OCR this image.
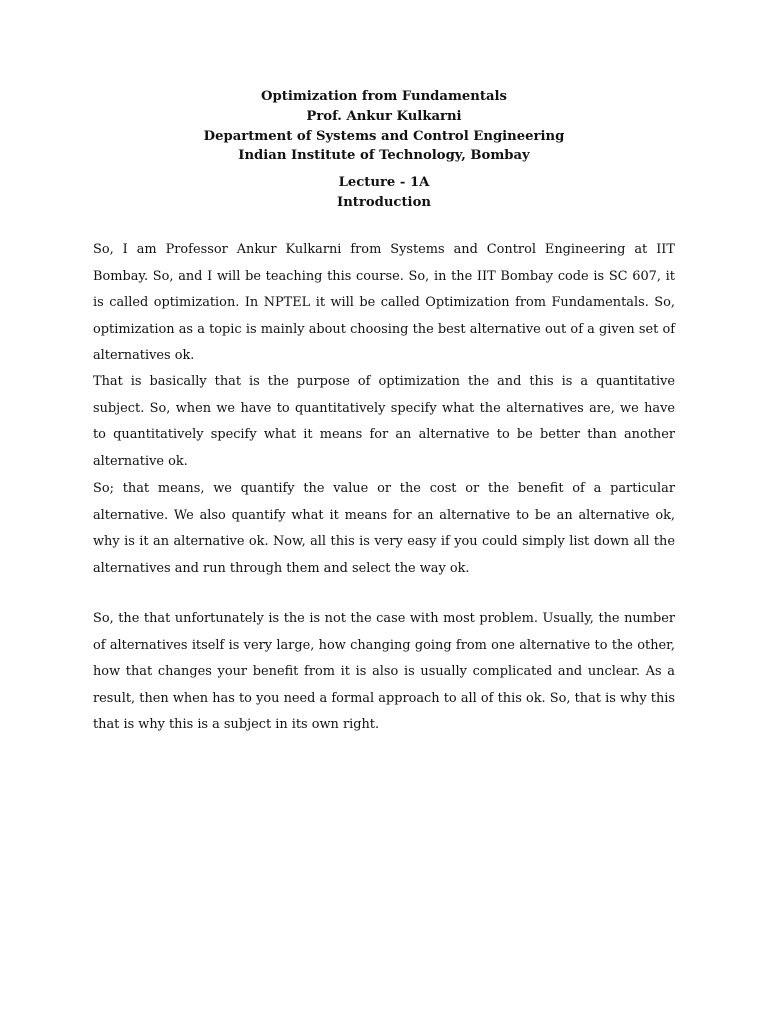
Optimization from Fundamentals
Prof. Ankur Kulkarni
Department of Systems and Control Engineering
Indian Institute of Technology, Bombay
Lecture - 1A
Introduction

So, I am Professor Ankur Kulkarni from Systems and Control Engineering at IIT Bombay. So, and I will be teaching this course. So, in the IIT Bombay code is SC 607, it is called optimization. In NPTEL it will be called Optimization from Fundamentals. So, optimization as a topic is mainly about choosing the best alternative out of a given set of alternatives ok.

That is basically that is the purpose of optimization the and this is a quantitative subject. So, when we have to quantitatively specify what the alternatives are, we have to quantitatively specify what it means for an alternative to be better than another alternative ok.

So; that means, we quantify the value or the cost or the benefit of a particular alternative. We also quantify what it means for an alternative to be an alternative ok, why is it an alternative ok. Now, all this is very easy if you could simply list down all the alternatives and run through them and select the way ok.

So, the that unfortunately is the is not the case with most problem. Usually, the number of alternatives itself is very large, how changing going from one alternative to the other, how that changes your benefit from it is also is usually complicated and unclear. As a result, then when has to you need a formal approach to all of this ok. So, that is why this that is why this is a subject in its own right.
